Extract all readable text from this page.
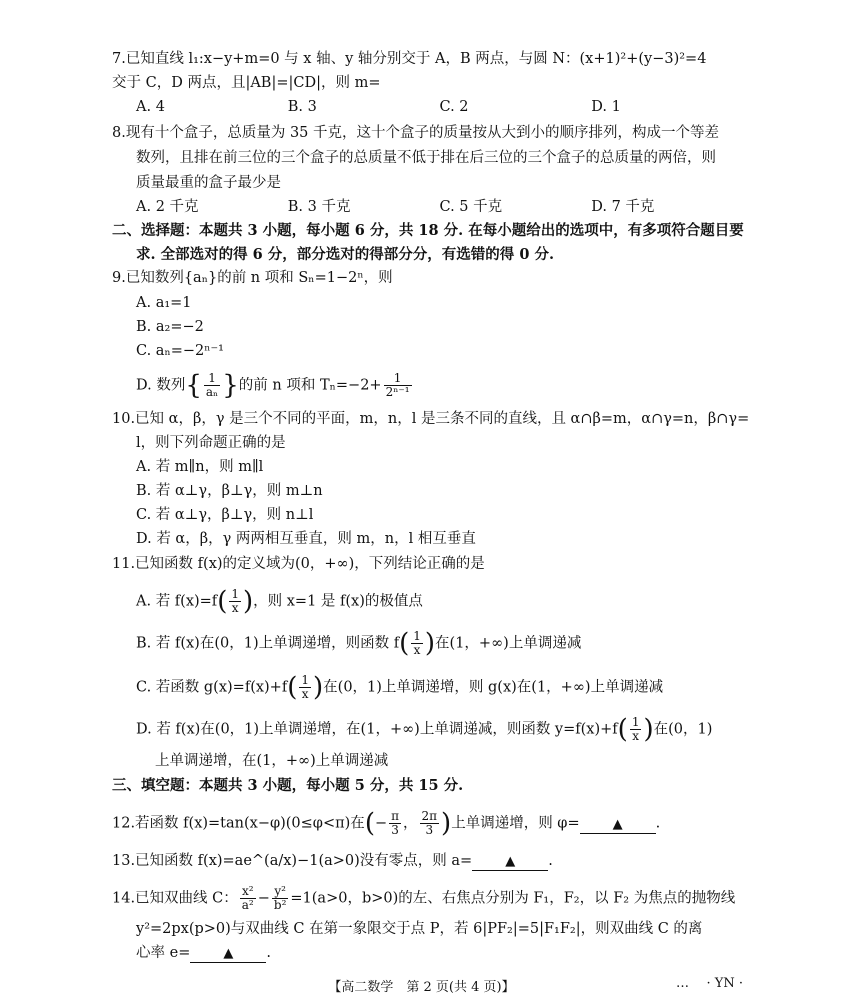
7.已知直线 l₁:x−y+m=0 与 x 轴、y 轴分别交于 A，B 两点，与圆 N：(x+1)²+(y−3)²=4
交于 C，D 两点，且|AB|=|CD|，则 m=
A. 4	B. 3	C. 2	D. 1
8.现有十个盒子，总质量为 35 千克，这十个盒子的质量按从大到小的顺序排列，构成一个等差
数列，且排在前三位的三个盒子的总质量不低于排在后三位的三个盒子的总质量的两倍，则
质量最重的盒子最少是
A. 2 千克	B. 3 千克	C. 5 千克	D. 7 千克
二、选择题：本题共 3 小题，每小题 6 分，共 18 分. 在每小题给出的选项中，有多项符合题目要
求. 全部选对的得 6 分，部分选对的得部分分，有选错的得 0 分.
9.已知数列{aₙ}的前 n 项和 Sₙ=1−2ⁿ，则
A. a₁=1
B. a₂=−2
C. aₙ=−2ⁿ⁻¹
D. 数列{ $\frac{1}{\text{aₙ}}$ }的前 n 项和 $T_n=-2+ \frac{1}{\text{2ⁿ⁻¹}}$
10.已知 α，β，γ 是三个不同的平面，m，n，l 是三条不同的直线，且 α∩β=m，α∩γ=n，β∩γ=
l，则下列命题正确的是
A. 若 m∥n，则 m∥l
B. 若 α⊥γ，β⊥γ，则 m⊥n
C. 若 α⊥γ，β⊥γ，则 n⊥l
D. 若 α，β，γ 两两相互垂直，则 m，n，l 相互垂直
11.已知函数 f(x)的定义域为(0，+∞)，下列结论正确的是
A. 若 $f(x)=f( \frac{1}{x}$ )，则 x=1 是 f(x)的极值点
B. 若 f(x)在(0，1)上单调递增，则函数 $f( \frac{1}{x}$ )在(1，+∞)上单调递减
C. 若函数 $g(x)=f(x)+f( \frac{1}{x}$ )在(0，1)上单调递增，则 g(x)在(1，+∞)上单调递减
D. 若 f(x)在(0，1)上单调递增，在(1，+∞)上单调递减，则函数 $y=f(x)+f( \frac{1}{x}$ )在(0，1)
上单调递增，在(1，+∞)上单调递减
三、填空题：本题共 3 小题，每小题 5 分，共 15 分.
12.若函数 f(x)=tan(x−φ)(0≤φ<π)在(− $\frac{\pi}{3}$ ， $\frac{2\pi}{3}$ )上单调递增，则 φ=	▲ .
13.已知函数 f(x)=ae^(a/x)−1(a>0)没有零点，则 a=	▲ .
14.已知双曲线 C： $\frac{\text{x²}}{\text{a²}} - \frac{\text{y²}}{\text{b²}} =1(a>0$，b>0)的左、右焦点分别为 F₁，F₂，以 F₂ 为焦点的抛物线
y²=2px(p>0)与双曲线 C 在第一象限交于点 P，若 6|PF₂|=5|F₁F₂|，则双曲线 C 的离
心率 e=	▲ .
【高二数学　第 2 页(共 4 页)】	… · YN ·
